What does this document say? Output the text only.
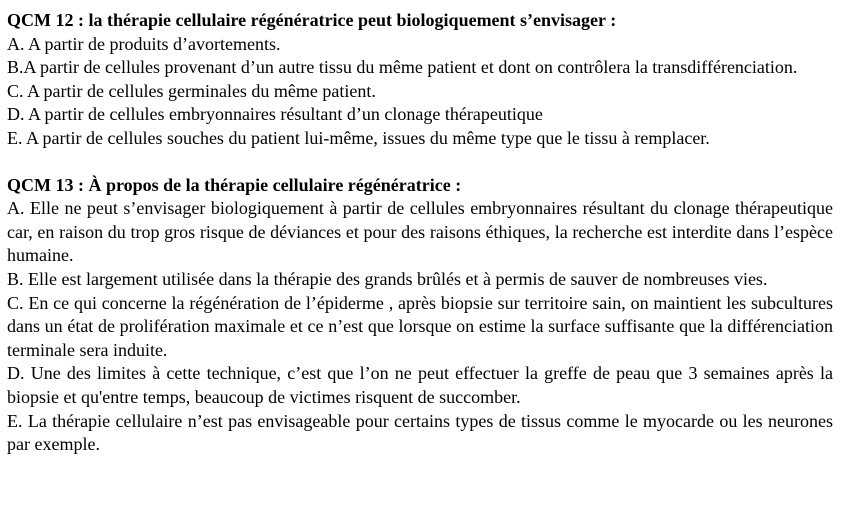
QCM 12 : la thérapie cellulaire régénératrice peut biologiquement s’envisager :

A. A partir de produits d’avortements.

B.A partir de cellules provenant d’un autre tissu du même patient et dont on contrôlera la transdifférenciation.

C. A partir de cellules germinales du même patient.

D. A partir de cellules embryonnaires résultant d’un clonage thérapeutique

E. A partir de cellules souches du patient lui-même, issues du même type que le tissu à remplacer.

QCM 13 : À propos de la thérapie cellulaire régénératrice :

A. Elle ne peut s’envisager biologiquement à partir de cellules embryonnaires résultant du clonage thérapeutique car, en raison du trop gros risque de déviances et pour des raisons éthiques, la recherche est interdite dans l’espèce humaine.

B. Elle est largement utilisée dans la thérapie des grands brûlés et à permis de sauver de nombreuses vies.

C. En ce qui concerne la régénération de l’épiderme , après biopsie sur territoire sain, on maintient les subcultures dans un état de prolifération maximale et ce n’est que lorsque on estime la surface suffisante que la différenciation terminale sera induite.

D. Une des limites à cette technique, c’est que l’on ne peut effectuer la greffe de peau que 3 semaines après la biopsie et qu'entre temps, beaucoup de victimes risquent de succomber.

E. La thérapie cellulaire n’est pas envisageable pour certains types de tissus comme le myocarde ou les neurones par exemple.
